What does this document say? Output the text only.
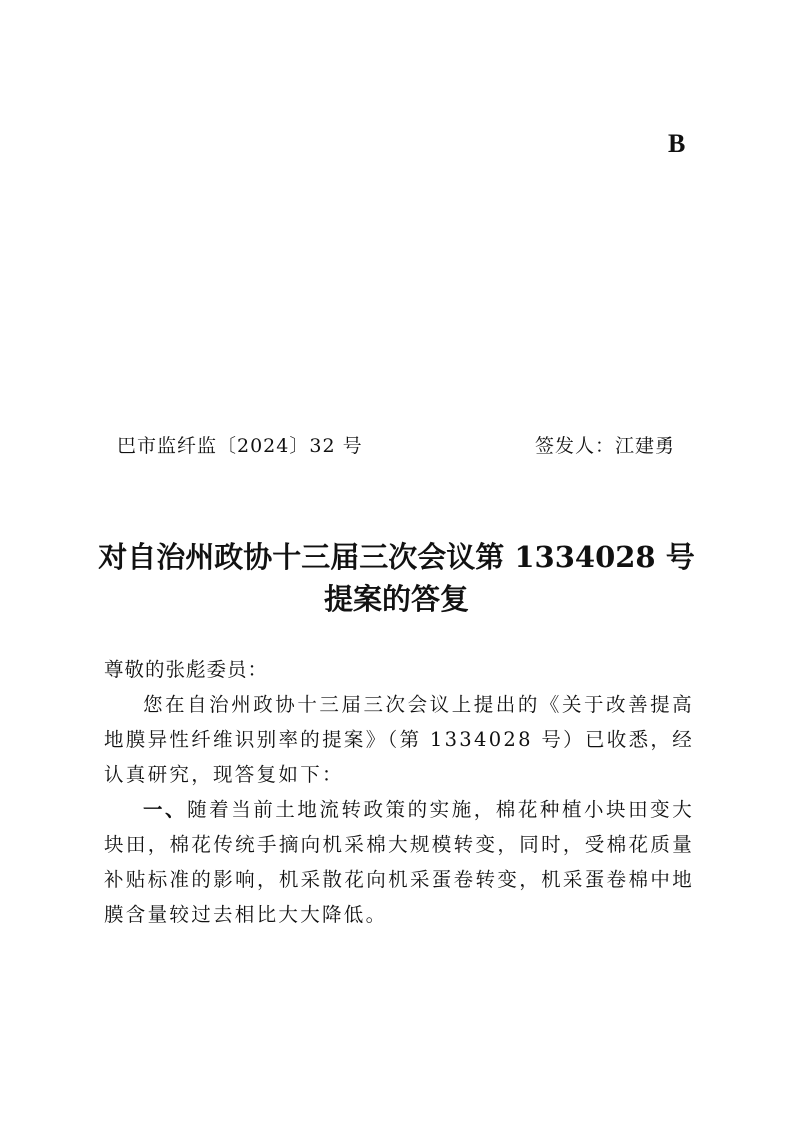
B
巴市监纤监〔2024〕32 号	签发人：江建勇
对自治州政协十三届三次会议第 1334028 号
提案的答复
尊敬的张彪委员：

您在自治州政协十三届三次会议上提出的《关于改善提高地膜异性纤维识别率的提案》（第 1334028 号）已收悉，经认真研究，现答复如下：

一、随着当前土地流转政策的实施，棉花种植小块田变大块田，棉花传统手摘向机采棉大规模转变，同时，受棉花质量补贴标准的影响，机采散花向机采蛋卷转变，机采蛋卷棉中地膜含量较过去相比大大降低。
